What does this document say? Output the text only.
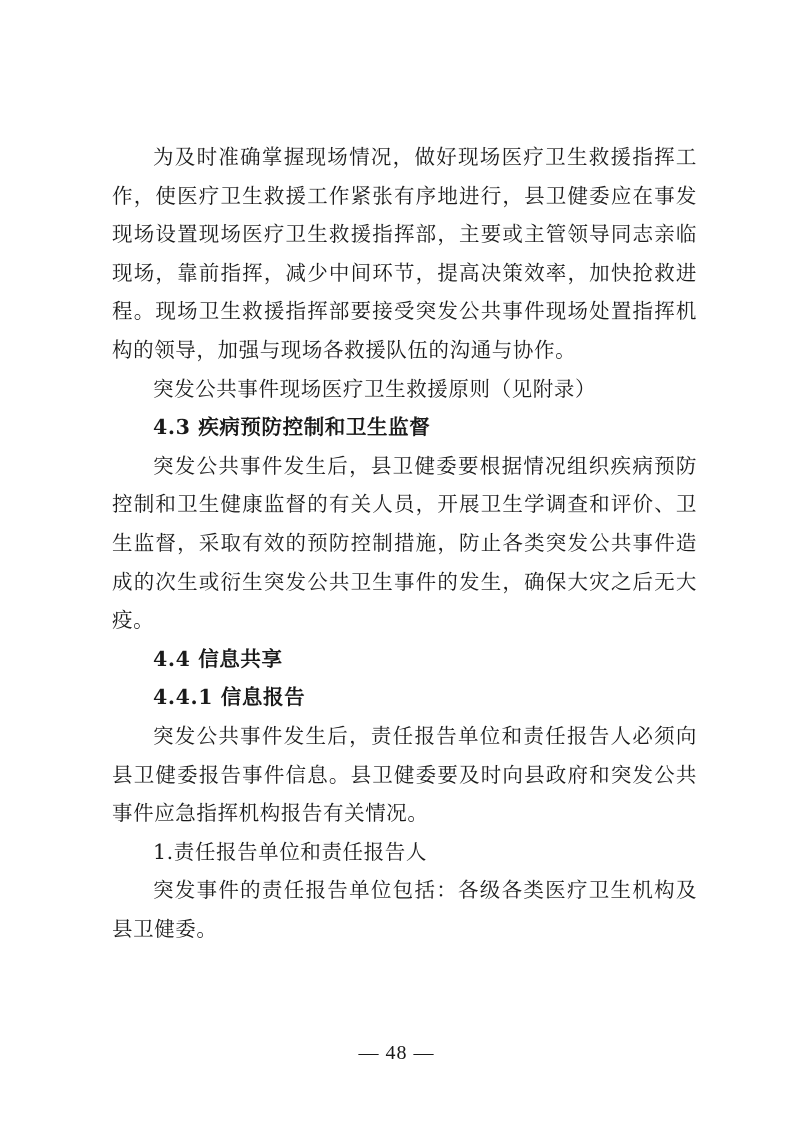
为及时准确掌握现场情况，做好现场医疗卫生救援指挥工作，使医疗卫生救援工作紧张有序地进行，县卫健委应在事发现场设置现场医疗卫生救援指挥部，主要或主管领导同志亲临现场，靠前指挥，减少中间环节，提高决策效率，加快抢救进程。现场卫生救援指挥部要接受突发公共事件现场处置指挥机构的领导，加强与现场各救援队伍的沟通与协作。

突发公共事件现场医疗卫生救援原则（见附录）

4.3 疾病预防控制和卫生监督

突发公共事件发生后，县卫健委要根据情况组织疾病预防控制和卫生健康监督的有关人员，开展卫生学调查和评价、卫生监督，采取有效的预防控制措施，防止各类突发公共事件造成的次生或衍生突发公共卫生事件的发生，确保大灾之后无大疫。

4.4 信息共享

4.4.1 信息报告

突发公共事件发生后，责任报告单位和责任报告人必须向县卫健委报告事件信息。县卫健委要及时向县政府和突发公共事件应急指挥机构报告有关情况。

1.责任报告单位和责任报告人

突发事件的责任报告单位包括：各级各类医疗卫生机构及县卫健委。

— 48 —
